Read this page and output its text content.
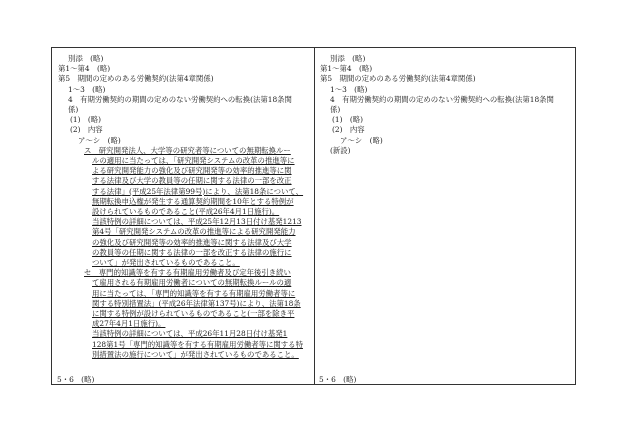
別添　(略)
第1～第4　(略)
第5　期間の定めのある労働契約(法第4章関係)
1～3　(略)
4　有期労働契約の期間の定めのない労働契約への転換(法第18条関
係)
(1)　(略)
(2)　内容
ア～シ　(略)
ス　研究開発法人、大学等の研究者等についての無期転換ルー
ルの適用に当たっては、「研究開発システムの改革の推進等に
よる研究開発能力の強化及び研究開発等の効率的推進等に関
する法律及び大学の教員等の任期に関する法律の一部を改正
する法律」(平成25年法律第99号)により、法第18条について、
無期転換申込権が発生する通算契約期間を10年とする特例が
設けられているものであること(平成26年4月1日施行)。
当該特例の詳細については、平成25年12月13日付け基発1213
第4号「研究開発システムの改革の推進等による研究開発能力
の強化及び研究開発等の効率的推進等に関する法律及び大学
の教員等の任期に関する法律の一部を改正する法律の施行に
ついて」が発出されているものであること。
セ　専門的知識等を有する有期雇用労働者及び定年後引き続い
て雇用される有期雇用労働者についての無期転換ルールの適
用に当たっては、「専門的知識等を有する有期雇用労働者等に
関する特別措置法」(平成26年法律第137号)により、法第18条
に関する特例が設けられているものであること(一部を除き平
成27年4月1日施行)。
当該特例の詳細については、平成26年11月28日付け基発1
128第1号「専門的知識等を有する有期雇用労働者等に関する特
別措置法の施行について」が発出されているものであること。
別添　(略)
第1～第4　(略)
第5　期間の定めのある労働契約(法第4章関係)
1～3　(略)
4　有期労働契約の期間の定めのない労働契約への転換(法第18条関
係)
(1)　(略)
(2)　内容
ア～シ　(略)
(新設)
5・6　(略)	5・6　(略)
